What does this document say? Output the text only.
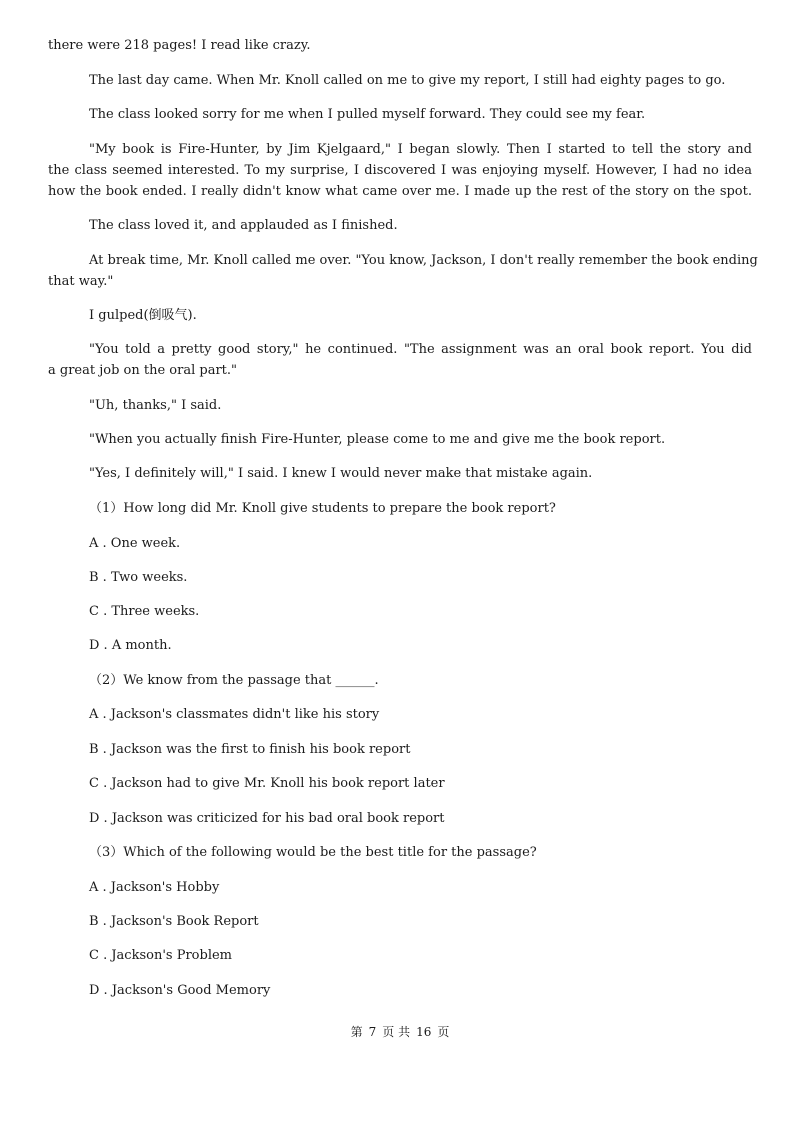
there were 218 pages! I read like crazy.
The last day came. When Mr. Knoll called on me to give my report, I still had eighty pages to go.
The class looked sorry for me when I pulled myself forward. They could see my fear.
"My book is Fire-Hunter, by Jim Kjelgaard," I began slowly. Then I started to tell the story and
the class seemed interested. To my surprise, I discovered I was enjoying myself. However, I had no idea
how the book ended. I really didn't know what came over me. I made up the rest of the story on the spot.
The class loved it, and applauded as I finished.
At break time, Mr. Knoll called me over. "You know, Jackson, I don't really remember the book ending
that way."
I gulped(倒吸气).
"You told a pretty good story," he continued. "The assignment was an oral book report. You did
a great job on the oral part."
"Uh, thanks," I said.
"When you actually finish Fire-Hunter, please come to me and give me the book report.
"Yes, I definitely will," I said. I knew I would never make that mistake again.
（1）How long did Mr. Knoll give students to prepare the book report?
A . One week.
B . Two weeks.
C . Three weeks.
D . A month.
（2）We know from the passage that ______.
A . Jackson's classmates didn't like his story
B . Jackson was the first to finish his book report
C . Jackson had to give Mr. Knoll his book report later
D . Jackson was criticized for his bad oral book report
（3）Which of the following would be the best title for the passage?
A . Jackson's Hobby
B . Jackson's Book Report
C . Jackson's Problem
D . Jackson's Good Memory
第 7 页 共 16 页
